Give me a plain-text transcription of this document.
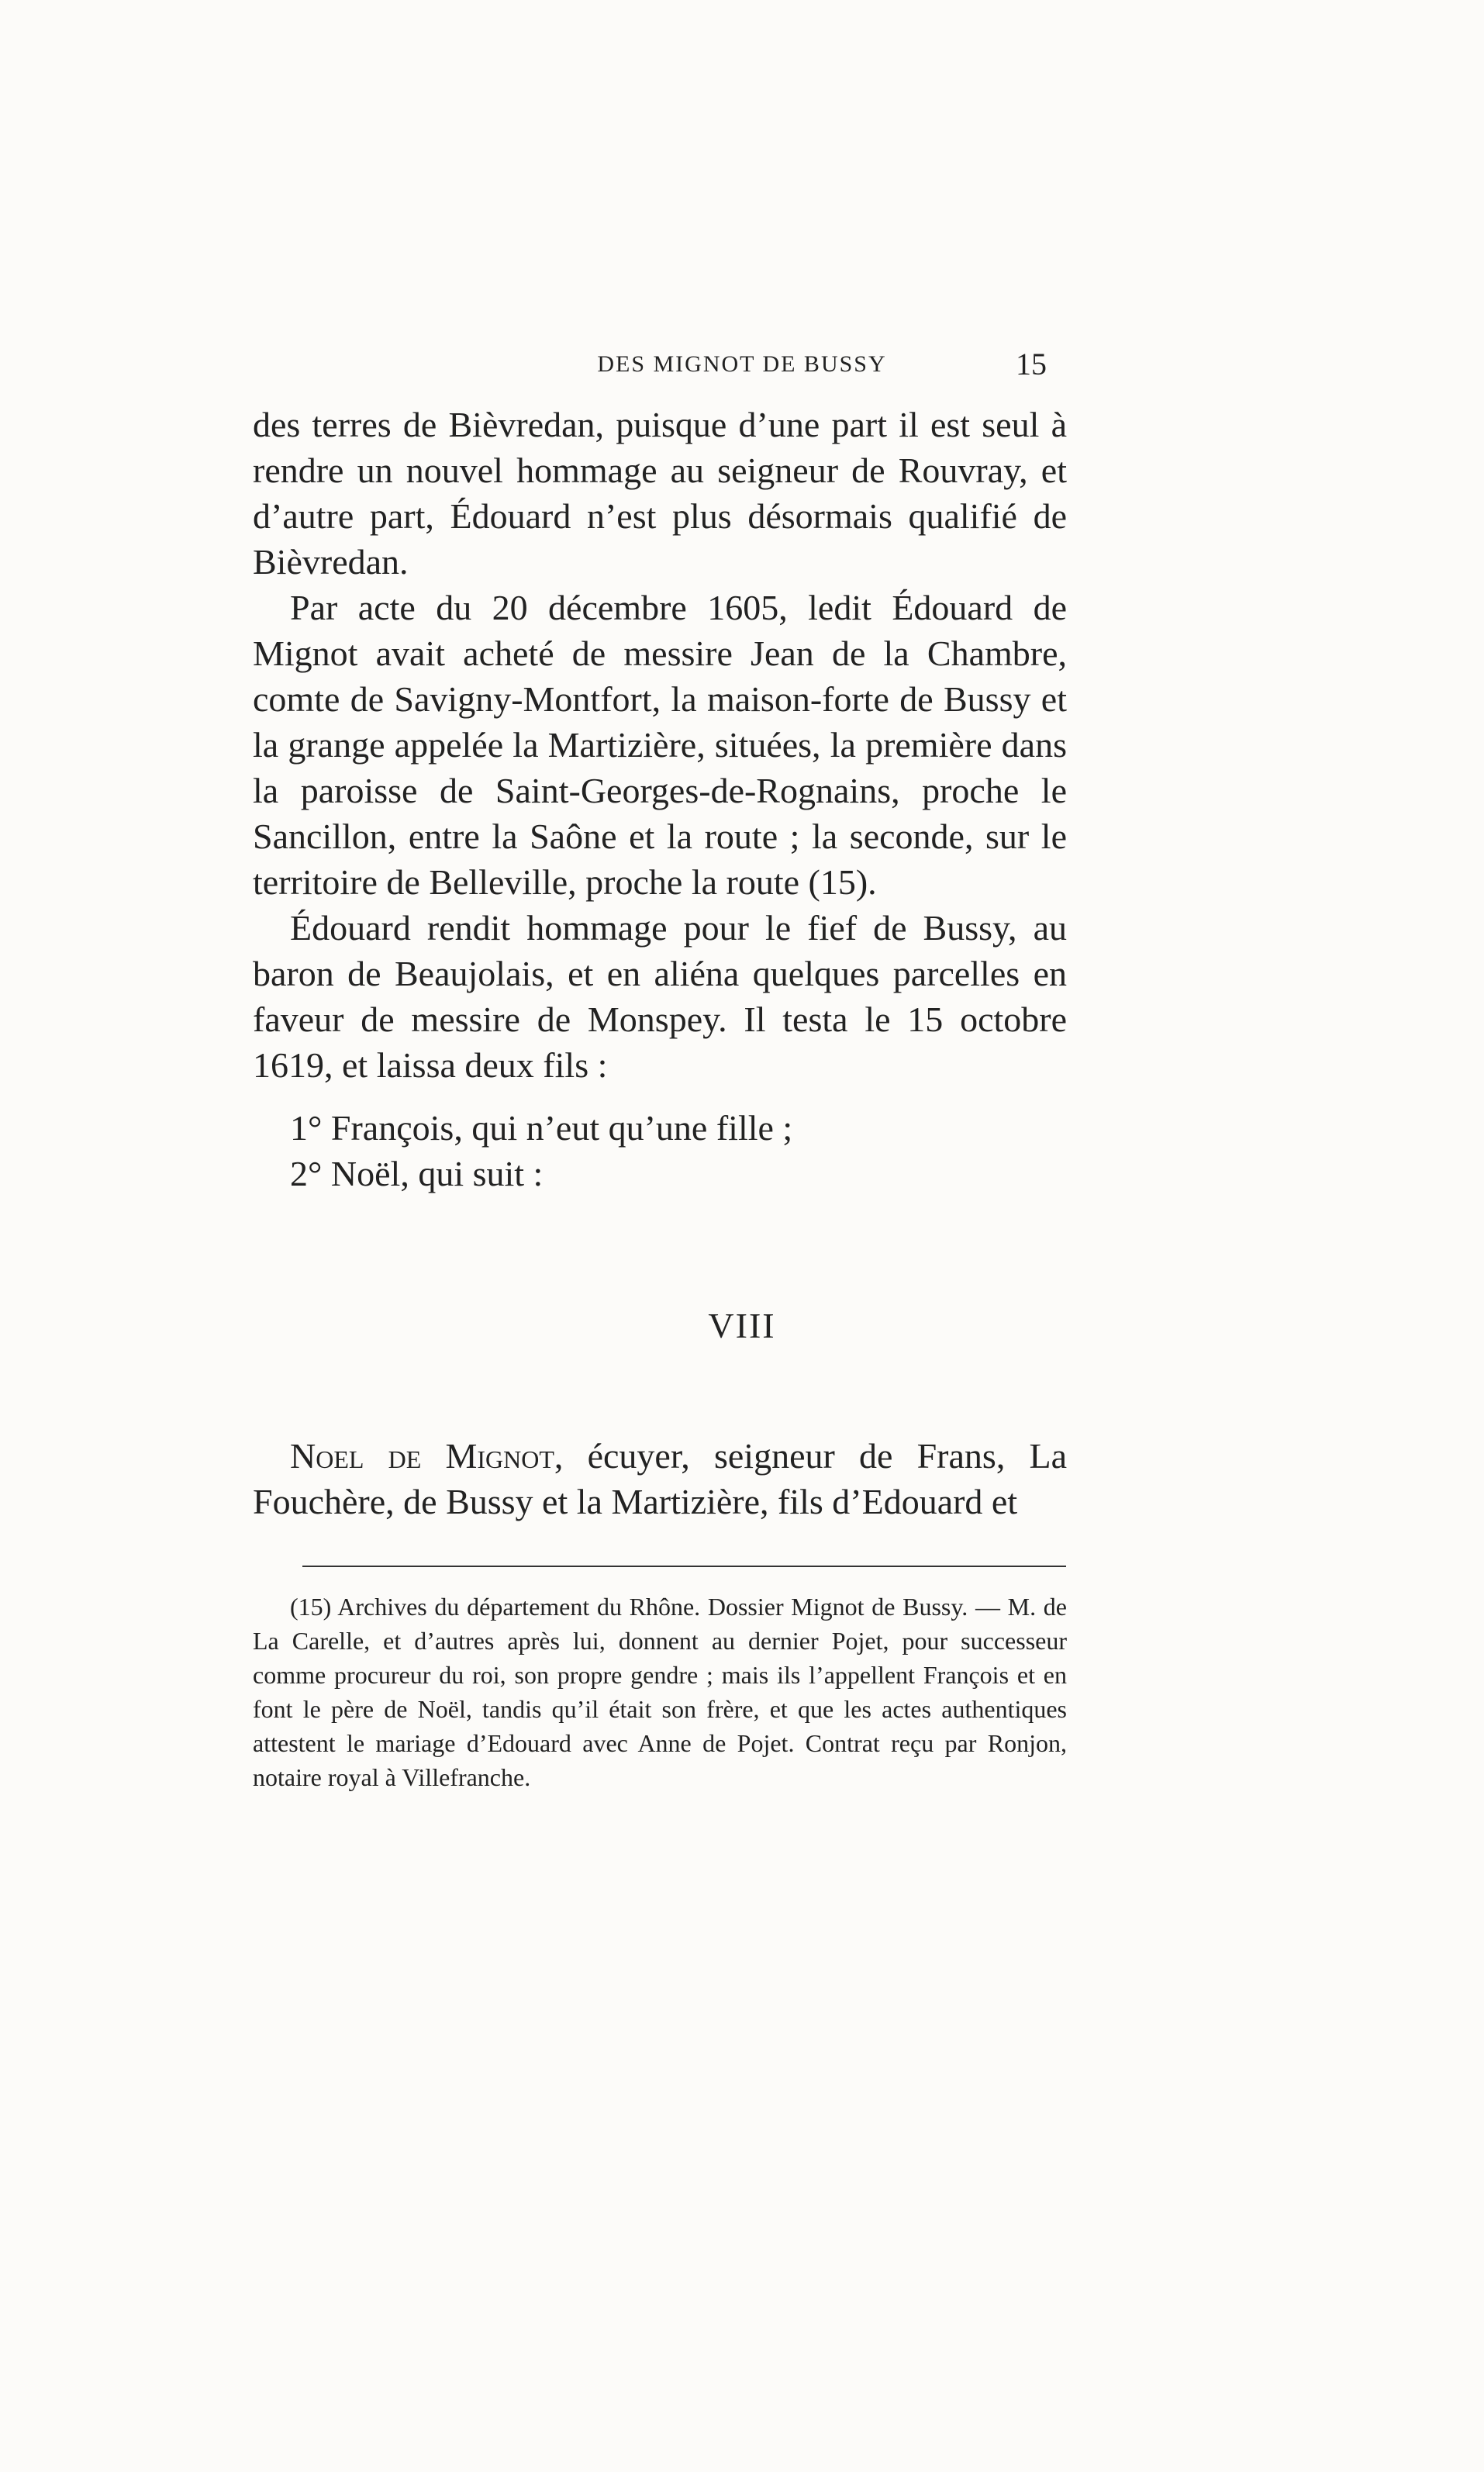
DES MIGNOT DE BUSSY	15

des terres de Bièvredan, puisque d’une part il est seul à rendre un nouvel hommage au seigneur de Rouvray, et d’autre part, Édouard n’est plus désormais qualifié de Bièvredan.

Par acte du 20 décembre 1605, ledit Édouard de Mignot avait acheté de messire Jean de la Chambre, comte de Savigny-Montfort, la maison-forte de Bussy et la grange appelée la Martizière, situées, la première dans la paroisse de Saint-Georges-de-Rognains, proche le Sancillon, entre la Saône et la route ; la seconde, sur le territoire de Belleville, proche la route (15).

Édouard rendit hommage pour le fief de Bussy, au baron de Beaujolais, et en aliéna quelques parcelles en faveur de messire de Monspey. Il testa le 15 octobre 1619, et laissa deux fils :

1° François, qui n’eut qu’une fille ;
2° Noël, qui suit :
VIII

Noel de Mignot, écuyer, seigneur de Frans, La Fouchère, de Bussy et la Martizière, fils d’Edouard et

(15) Archives du département du Rhône. Dossier Mignot de Bussy. — M. de La Carelle, et d’autres après lui, donnent au dernier Pojet, pour successeur comme procureur du roi, son propre gendre ; mais ils l’appellent François et en font le père de Noël, tandis qu’il était son frère, et que les actes authentiques attestent le mariage d’Edouard avec Anne de Pojet. Contrat reçu par Ronjon, notaire royal à Villefranche.
